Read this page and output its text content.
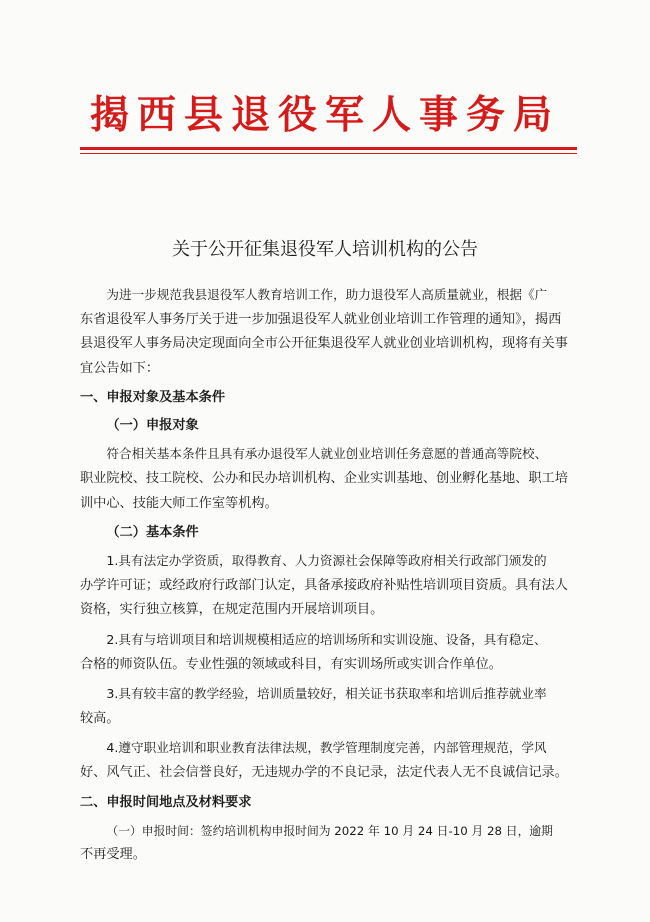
揭西县退役军人事务局
关于公开征集退役军人培训机构的公告

为进一步规范我县退役军人教育培训工作，助力退役军人高质量就业，根据《广
东省退役军人事务厅关于进一步加强退役军人就业创业培训工作管理的通知》，揭西
县退役军人事务局决定现面向全市公开征集退役军人就业创业培训机构，现将有关事
宜公告如下：

一、申报对象及基本条件
（一）申报对象

符合相关基本条件且具有承办退役军人就业创业培训任务意愿的普通高等院校、
职业院校、技工院校、公办和民办培训机构、企业实训基地、创业孵化基地、职工培
训中心、技能大师工作室等机构。

（二）基本条件

1.具有法定办学资质，取得教育、人力资源社会保障等政府相关行政部门颁发的
办学许可证；或经政府行政部门认定，具备承接政府补贴性培训项目资质。具有法人
资格，实行独立核算，在规定范围内开展培训项目。

2.具有与培训项目和培训规模相适应的培训场所和实训设施、设备，具有稳定、
合格的师资队伍。专业性强的领域或科目，有实训场所或实训合作单位。

3.具有较丰富的教学经验，培训质量较好，相关证书获取率和培训后推荐就业率
较高。

4.遵守职业培训和职业教育法律法规，教学管理制度完善，内部管理规范，学风
好、风气正、社会信誉良好，无违规办学的不良记录，法定代表人无不良诚信记录。

二、申报时间地点及材料要求

（一）申报时间：签约培训机构申报时间为 2022 年 10 月 24 日-10 月 28 日，逾期
不再受理。
